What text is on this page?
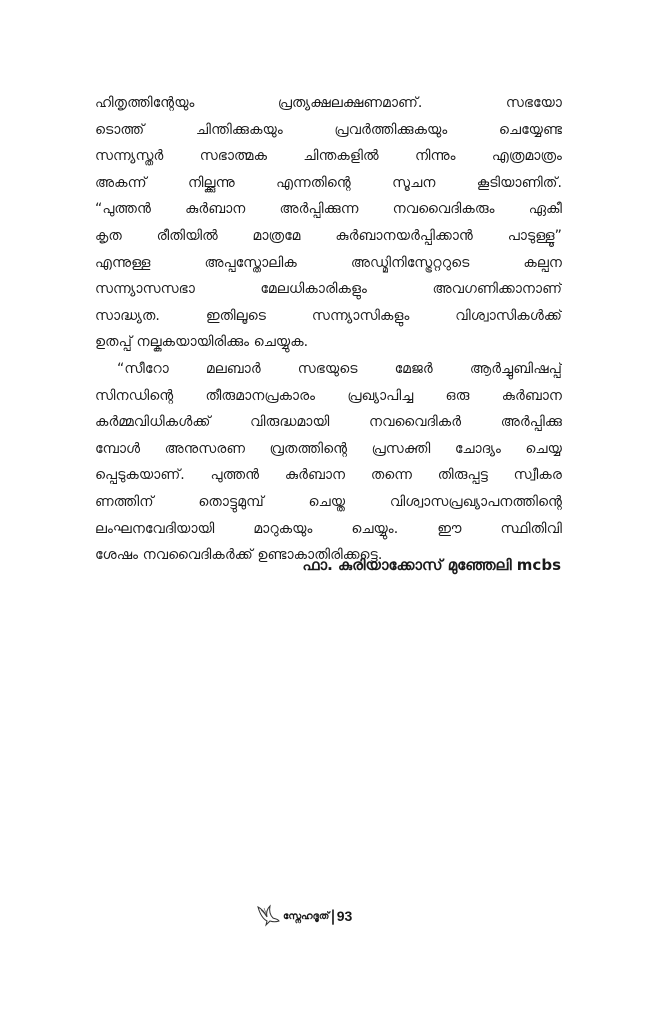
ഹിതൃത്തിന്റേയും പ്രത്യക്ഷലക്ഷണമാണ്. സഭയോ
ടൊത്ത് ചിന്തിക്കുകയും പ്രവർത്തിക്കുകയും ചെയ്യേണ്ട
സന്ന്യസ്തർ സഭാത്മക ചിന്തകളിൽ നിന്നും എത്രമാത്രം
അകന്ന് നില്ക്കുന്നു എന്നതിന്റെ സൂചന കൂടിയാണിത്.
“പുത്തൻ കുർബാന അർപ്പിക്കുന്ന നവവൈദികരും ഏകീ
കൃത രീതിയിൽ മാത്രമേ കുർബാനയർപ്പിക്കാൻ പാടുള്ളൂ”
എന്നുള്ള അപ്പസ്തോലിക അഡ്മിനിസ്ട്രേറ്ററുടെ കല്പന
സന്ന്യാസസഭാ മേലധികാരികളും അവഗണിക്കാനാണ്
സാദ്ധ്യത. ഇതിലൂടെ സന്ന്യാസികളും വിശ്വാസികൾക്ക്
ഉതപ്പ് നല്കുകയായിരിക്കും ചെയ്യുക.
“സീറോ മലബാർ സഭയുടെ മേജർ ആർച്ചുബിഷപ്പ്
സിനഡിന്റെ തീരുമാനപ്രകാരം പ്രഖ്യാപിച്ച ഒരു കുർബാന
കർമ്മവിധികൾക്ക് വിരുദ്ധമായി നവവൈദികർ അർപ്പിക്കു
മ്പോൾ അനുസരണ വ്രതത്തിന്റെ പ്രസക്തി ചോദ്യം ചെയ്യ
പ്പെടുകയാണ്. പുത്തൻ കുർബാന തന്നെ തിരുപ്പട്ട സ്വീകര
ണത്തിന് തൊട്ടുമുമ്പ് ചെയ്ത വിശ്വാസപ്രഖ്യാപനത്തിന്റെ
ലംഘനവേദിയായി മാറുകയും ചെയ്യും. ഈ സ്ഥിതിവി
ശേഷം നവവൈദികർക്ക് ഉണ്ടാകാതിരിക്കട്ടെ.
ഫാ. കുരിയാക്കോസ് മുഞ്ഞേലി mcbs
സ്നേഹദൂത് | 93
